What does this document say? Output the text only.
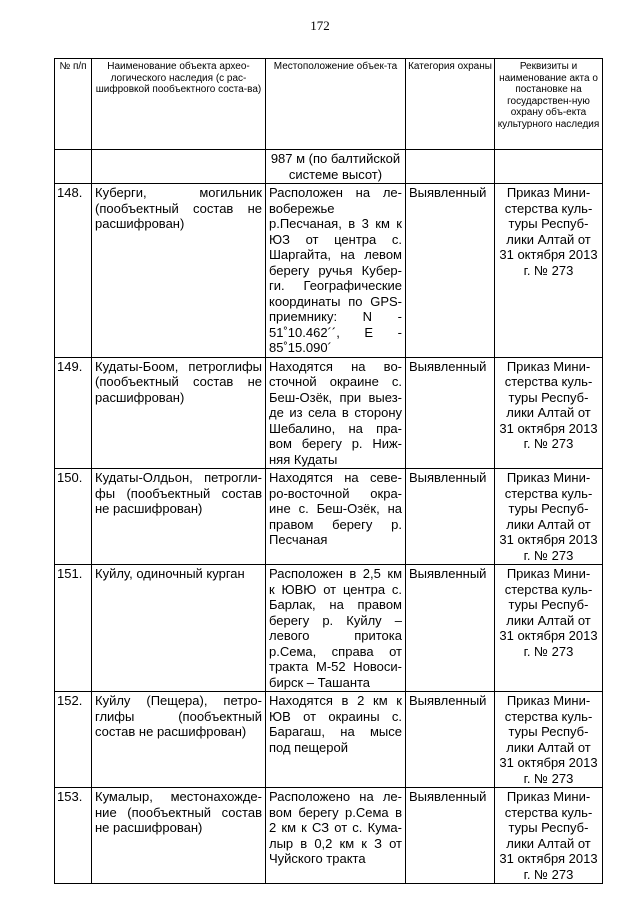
172
№ п/п	Наименование объекта архео-логического наследия (с рас-шифровкой пообъектного соста-ва)	Местоположение объек-та	Категория охраны	Реквизиты и наименование акта о постановке на государствен-ную охрану объ-екта культурного наследия
		987 м (по балтийской системе высот)		
148.	Куберги, могильник (пообъектный состав не расшифрован)	Расположен на ле-вобережье р.Песчаная, в 3 км к ЮЗ от центра с. Шаргайта, на левом берегу ручья Кубер-ги. Географические координаты по GPS-приемнику: N - 51˚10.462´´, E - 85˚15.090´	Выявленный	Приказ Мини-стерства куль-туры Респуб-лики Алтай от 31 октября 2013 г. № 273
149.	Кудаты-Боом, петроглифы (пообъектный состав не расшифрован)	Находятся на во-сточной окраине с. Беш-Озёк, при выез-де из села в сторону Шебалино, на пра-вом берегу р. Ниж-няя Кудаты	Выявленный	Приказ Мини-стерства куль-туры Респуб-лики Алтай от 31 октября 2013 г. № 273
150.	Кудаты-Олдьон, петрогли-фы (пообъектный состав не расшифрован)	Находятся на севе-ро-восточной окра-ине с. Беш-Озёк, на правом берегу р. Песчаная	Выявленный	Приказ Мини-стерства куль-туры Респуб-лики Алтай от 31 октября 2013 г. № 273
151.	Куйлу, одиночный курган	Расположен в 2,5 км к ЮВЮ от центра с. Барлак, на правом берегу р. Куйлу – левого притока р.Сема, справа от тракта М-52 Новоси-бирск – Ташанта	Выявленный	Приказ Мини-стерства куль-туры Респуб-лики Алтай от 31 октября 2013 г. № 273
152.	Куйлу (Пещера), петро-глифы (пообъектный состав не расшифрован)	Находятся в 2 км к ЮВ от окраины с. Барагаш, на мысе под пещерой	Выявленный	Приказ Мини-стерства куль-туры Респуб-лики Алтай от 31 октября 2013 г. № 273
153.	Кумалыр, местонахожде-ние (пообъектный состав не расшифрован)	Расположено на ле-вом берегу р.Сема в 2 км к СЗ от с. Кума-лыр в 0,2 км к З от Чуйского тракта	Выявленный	Приказ Мини-стерства куль-туры Респуб-лики Алтай от 31 октября 2013 г. № 273
